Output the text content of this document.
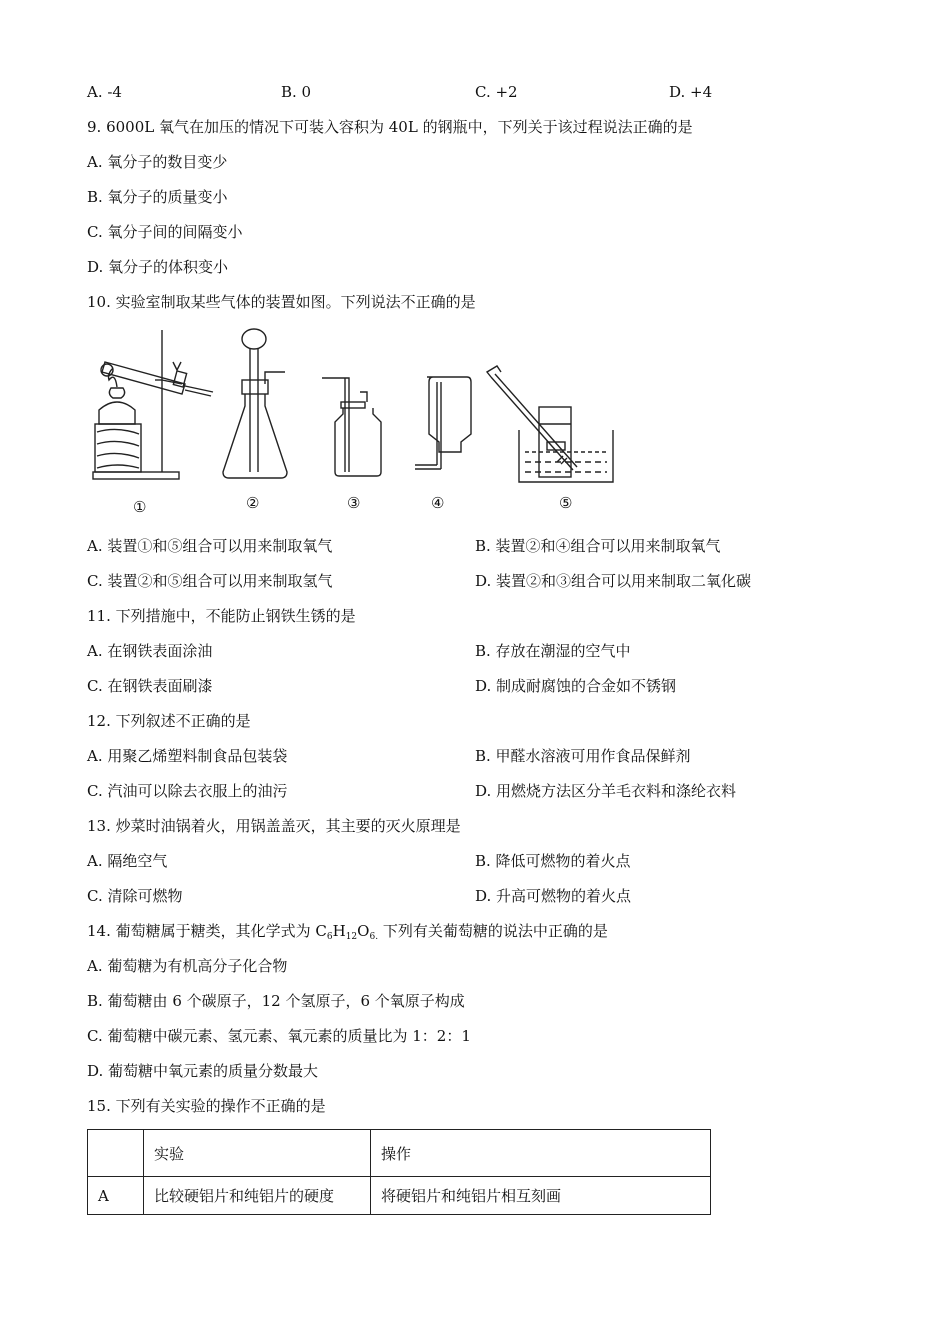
A. -4	B. 0	C. +2	D. +4
9. 6000L 氧气在加压的情况下可装入容积为 40L 的钢瓶中，下列关于该过程说法正确的是
A. 氧分子的数目变少
B. 氧分子的质量变小
C. 氧分子间的间隔变小
D. 氧分子的体积变小
10. 实验室制取某些气体的装置如图。下列说法不正确的是
①	②	③	④	⑤
A. 装置①和⑤组合可以用来制取氧气	B. 装置②和④组合可以用来制取氧气
C. 装置②和⑤组合可以用来制取氢气	D. 装置②和③组合可以用来制取二氧化碳
11. 下列措施中，不能防止钢铁生锈的是
A. 在钢铁表面涂油	B. 存放在潮湿的空气中
C. 在钢铁表面刷漆	D. 制成耐腐蚀的合金如不锈钢
12. 下列叙述不正确的是
A. 用聚乙烯塑料制食品包装袋	B. 甲醛水溶液可用作食品保鲜剂
C. 汽油可以除去衣服上的油污	D. 用燃烧方法区分羊毛衣料和涤纶衣料
13. 炒菜时油锅着火，用锅盖盖灭，其主要的灭火原理是
A. 隔绝空气	B. 降低可燃物的着火点
C. 清除可燃物	D. 升高可燃物的着火点
14. 葡萄糖属于糖类，其化学式为 $C_6H_{12}O_{6.}$ 下列有关葡萄糖的说法中正确的是
A. 葡萄糖为有机高分子化合物
B. 葡萄糖由 6 个碳原子，12 个氢原子，6 个氧原子构成
C. 葡萄糖中碳元素、氢元素、氧元素的质量比为 1：2：1
D. 葡萄糖中氧元素的质量分数最大
15. 下列有关实验的操作不正确的是
	实验	操作
A	比较硬铝片和纯铝片的硬度	将硬铝片和纯铝片相互刻画
